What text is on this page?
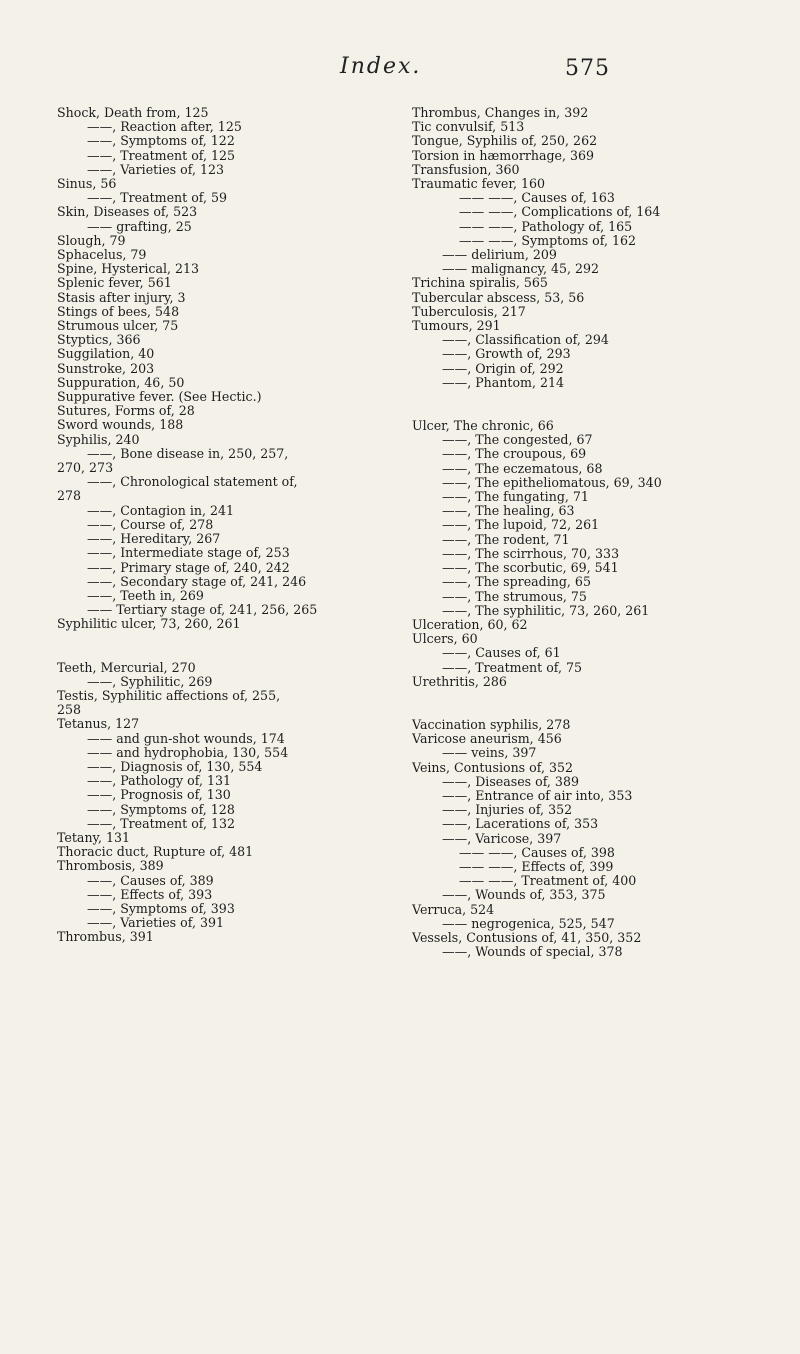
Index.	575
Shock, Death from, 125
——, Reaction after, 125
——, Symptoms of, 122
——, Treatment of, 125
——, Varieties of, 123
Sinus, 56
——, Treatment of, 59
Skin, Diseases of, 523
—— grafting, 25
Slough, 79
Sphacelus, 79
Spine, Hysterical, 213
Splenic fever, 561
Stasis after injury, 3
Stings of bees, 548
Strumous ulcer, 75
Styptics, 366
Suggilation, 40
Sunstroke, 203
Suppuration, 46, 50
Suppurative fever. (See Hectic.)
Sutures, Forms of, 28
Sword wounds, 188
Syphilis, 240
——, Bone disease in, 250, 257,
270, 273
——, Chronological statement of,
278
——, Contagion in, 241
——, Course of, 278
——, Hereditary, 267
——, Intermediate stage of, 253
——, Primary stage of, 240, 242
——, Secondary stage of, 241, 246
——, Teeth in, 269
—— Tertiary stage of, 241, 256, 265
Syphilitic ulcer, 73, 260, 261
Teeth, Mercurial, 270
——, Syphilitic, 269
Testis, Syphilitic affections of, 255,
258
Tetanus, 127
—— and gun-shot wounds, 174
—— and hydrophobia, 130, 554
——, Diagnosis of, 130, 554
——, Pathology of, 131
——, Prognosis of, 130
——, Symptoms of, 128
——, Treatment of, 132
Tetany, 131
Thoracic duct, Rupture of, 481
Thrombosis, 389
——, Causes of, 389
——, Effects of, 393
——, Symptoms of, 393
——, Varieties of, 391
Thrombus, 391
Thrombus, Changes in, 392
Tic convulsif, 513
Tongue, Syphilis of, 250, 262
Torsion in hæmorrhage, 369
Transfusion, 360
Traumatic fever, 160
—— ——, Causes of, 163
—— ——, Complications of, 164
—— ——, Pathology of, 165
—— ——, Symptoms of, 162
—— delirium, 209
—— malignancy, 45, 292
Trichina spiralis, 565
Tubercular abscess, 53, 56
Tuberculosis, 217
Tumours, 291
——, Classification of, 294
——, Growth of, 293
——, Origin of, 292
——, Phantom, 214
Ulcer, The chronic, 66
——, The congested, 67
——, The croupous, 69
——, The eczematous, 68
——, The epitheliomatous, 69, 340
——, The fungating, 71
——, The healing, 63
——, The lupoid, 72, 261
——, The rodent, 71
——, The scirrhous, 70, 333
——, The scorbutic, 69, 541
——, The spreading, 65
——, The strumous, 75
——, The syphilitic, 73, 260, 261
Ulceration, 60, 62
Ulcers, 60
——, Causes of, 61
——, Treatment of, 75
Urethritis, 286
Vaccination syphilis, 278
Varicose aneurism, 456
—— veins, 397
Veins, Contusions of, 352
——, Diseases of, 389
——, Entrance of air into, 353
——, Injuries of, 352
——, Lacerations of, 353
——, Varicose, 397
—— ——, Causes of, 398
—— ——, Effects of, 399
—— ——, Treatment of, 400
——, Wounds of, 353, 375
Verruca, 524
—— negrogenica, 525, 547
Vessels, Contusions of, 41, 350, 352
——, Wounds of special, 378
